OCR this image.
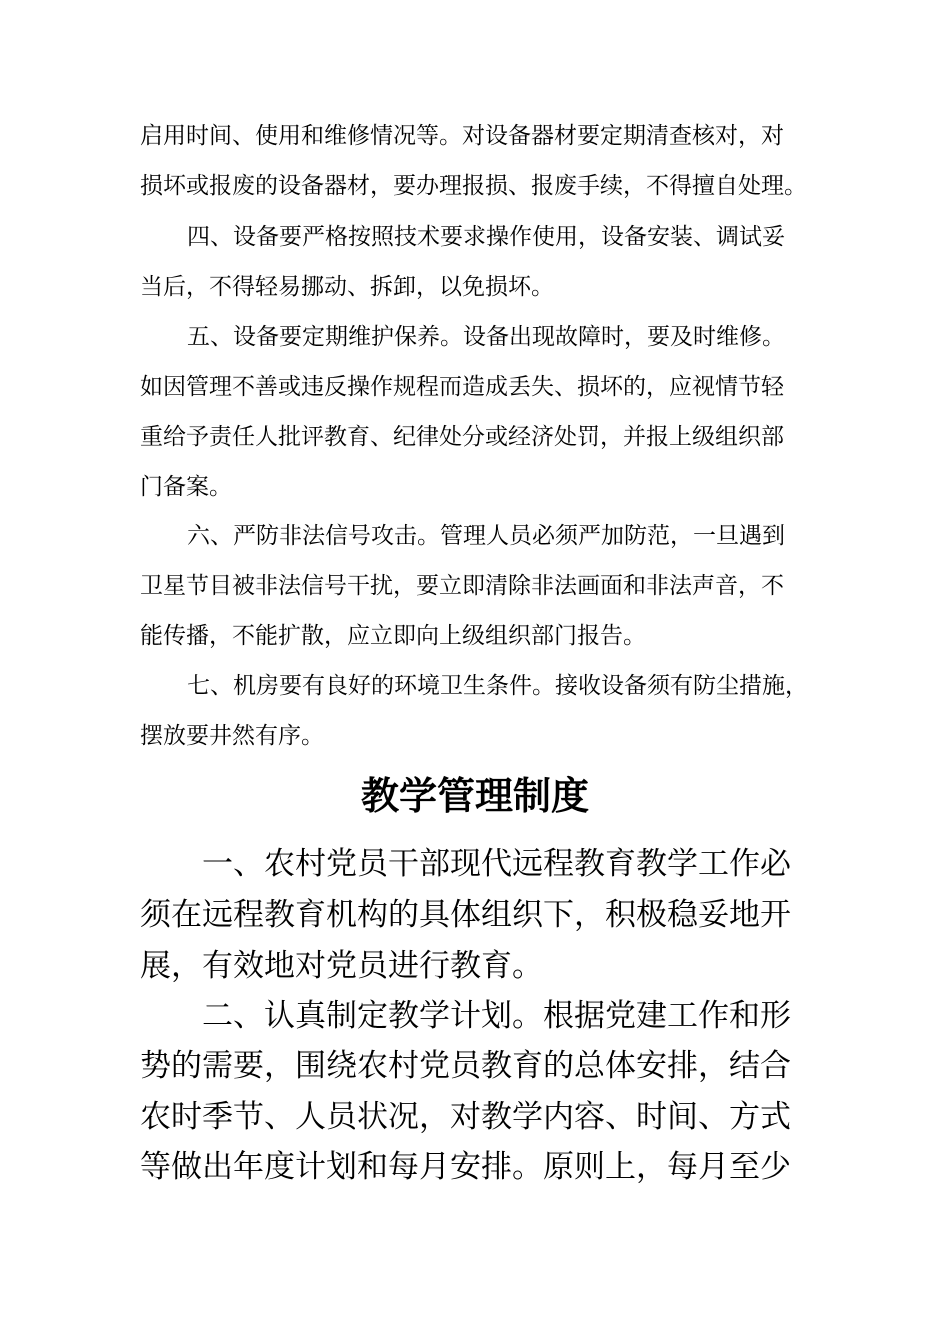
启用时间、使用和维修情况等。对设备器材要定期清查核对，对

损坏或报废的设备器材，要办理报损、报废手续，不得擅自处理。

四、设备要严格按照技术要求操作使用，设备安装、调试妥

当后，不得轻易挪动、拆卸，以免损坏。

五、设备要定期维护保养。设备出现故障时，要及时维修。

如因管理不善或违反操作规程而造成丢失、损坏的，应视情节轻

重给予责任人批评教育、纪律处分或经济处罚，并报上级组织部

门备案。

六、严防非法信号攻击。管理人员必须严加防范，一旦遇到

卫星节目被非法信号干扰，要立即清除非法画面和非法声音，不

能传播，不能扩散，应立即向上级组织部门报告。

七、机房要有良好的环境卫生条件。接收设备须有防尘措施，

摆放要井然有序。

教学管理制度

一、农村党员干部现代远程教育教学工作必

须在远程教育机构的具体组织下，积极稳妥地开

展，有效地对党员进行教育。

二、认真制定教学计划。根据党建工作和形

势的需要，围绕农村党员教育的总体安排，结合

农时季节、人员状况，对教学内容、时间、方式

等做出年度计划和每月安排。原则上，每月至少
